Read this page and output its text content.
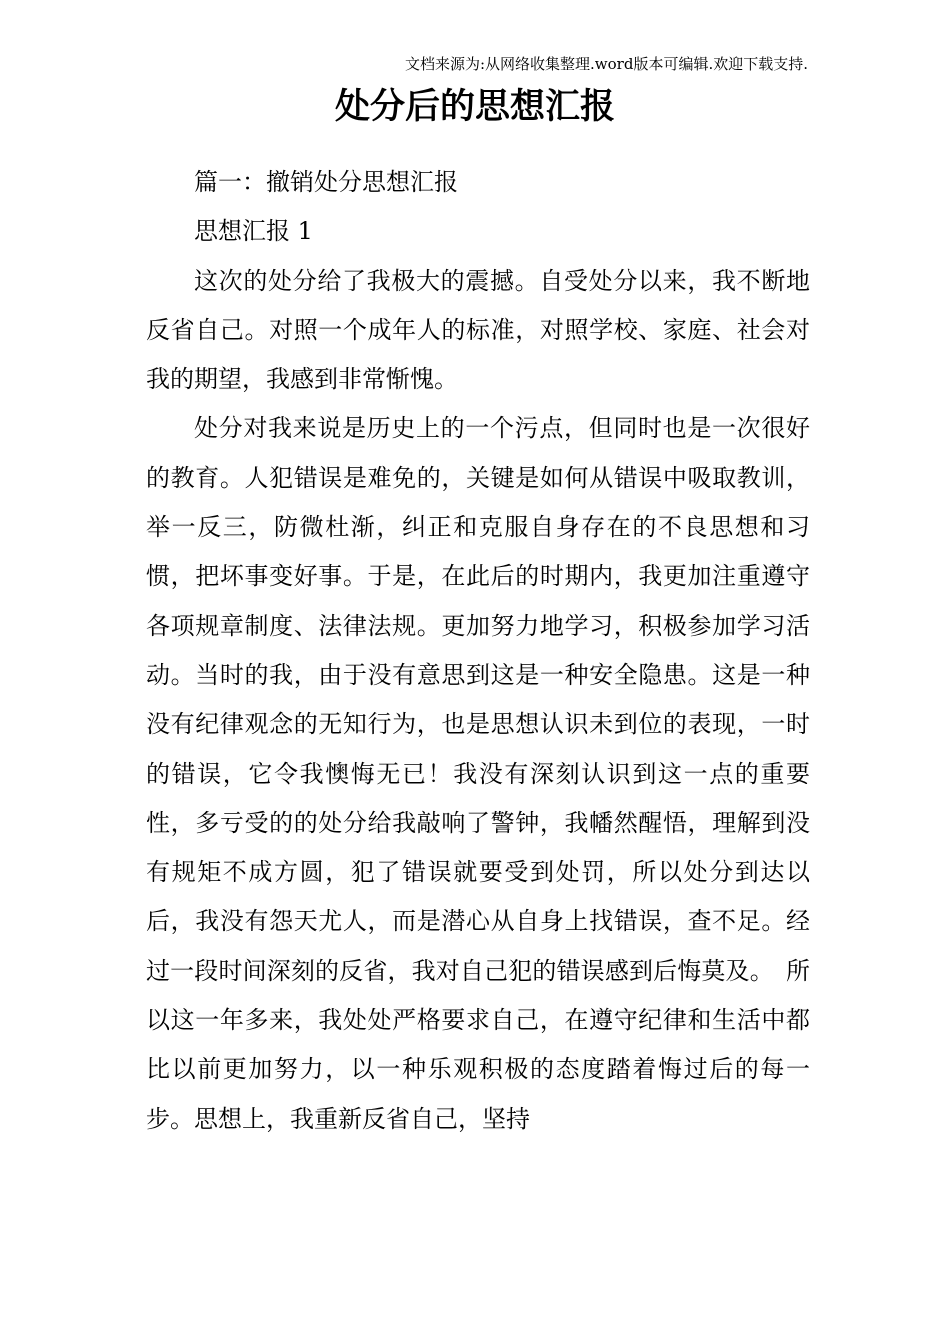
文档来源为:从网络收集整理.word版本可编辑.欢迎下载支持.
处分后的思想汇报

篇一：撤销处分思想汇报

思想汇报 1

这次的处分给了我极大的震撼。自受处分以来，我不断地反省自己。对照一个成年人的标准，对照学校、家庭、社会对我的期望，我感到非常惭愧。

处分对我来说是历史上的一个污点，但同时也是一次很好的教育。人犯错误是难免的，关键是如何从错误中吸取教训，举一反三，防微杜渐，纠正和克服自身存在的不良思想和习惯，把坏事变好事。于是，在此后的时期内，我更加注重遵守各项规章制度、法律法规。更加努力地学习，积极参加学习活动。当时的我，由于没有意思到这是一种安全隐患。这是一种没有纪律观念的无知行为，也是思想认识未到位的表现，一时的错误，它令我懊悔无已！我没有深刻认识到这一点的重要性，多亏受的的处分给我敲响了警钟，我幡然醒悟，理解到没有规矩不成方圆，犯了错误就要受到处罚，所以处分到达以后，我没有怨天尤人，而是潜心从自身上找错误，查不足。经过一段时间深刻的反省，我对自己犯的错误感到后悔莫及。　所以这一年多来，我处处严格要求自己，在遵守纪律和生活中都比以前更加努力，以一种乐观积极的态度踏着悔过后的每一步。思想上，我重新反省自己，坚持
